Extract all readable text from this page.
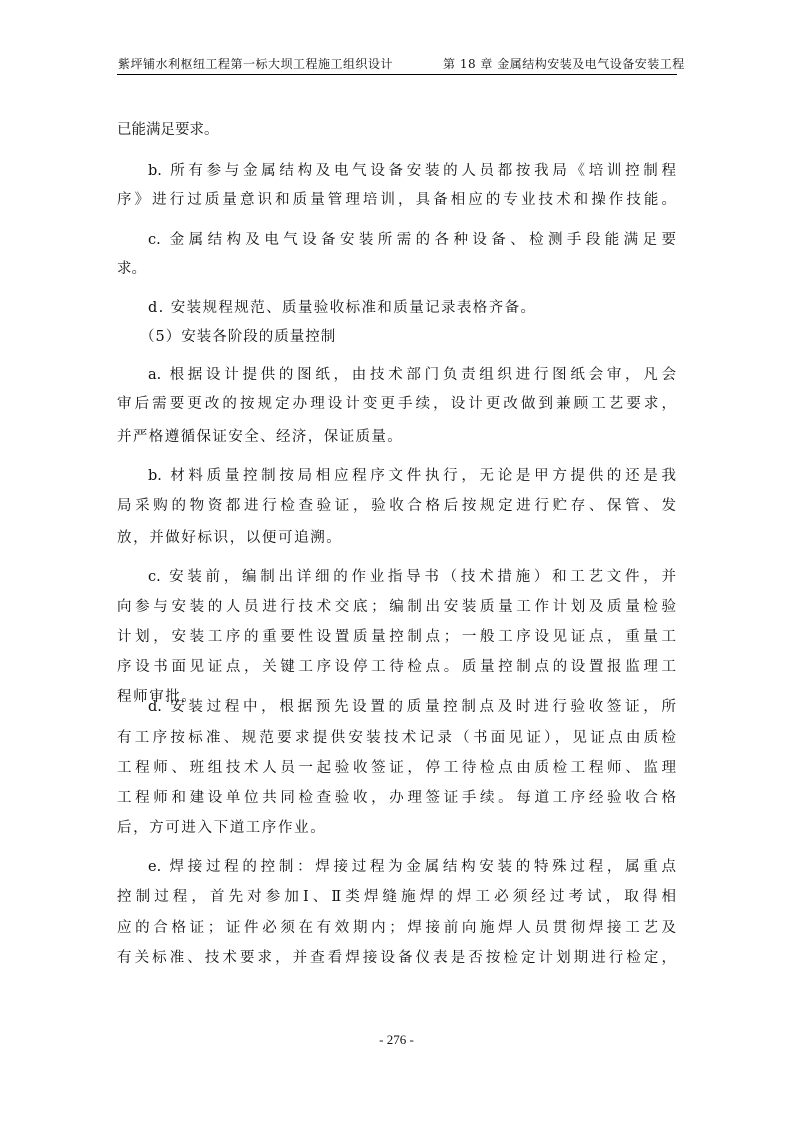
紫坪铺水利枢纽工程第一标大坝工程施工组织设计	第 18 章 金属结构安装及电气设备安装工程
已能满足要求。
b. 所有参与金属结构及电气设备安装的人员都按我局《培训控制程
序》进行过质量意识和质量管理培训，具备相应的专业技术和操作技能。
c. 金属结构及电气设备安装所需的各种设备、检测手段能满足要
求。
d. 安装规程规范、质量验收标准和质量记录表格齐备。
（5）安装各阶段的质量控制
a. 根据设计提供的图纸，由技术部门负责组织进行图纸会审，凡会
审后需要更改的按规定办理设计变更手续，设计更改做到兼顾工艺要求，
并严格遵循保证安全、经济，保证质量。
b. 材料质量控制按局相应程序文件执行，无论是甲方提供的还是我
局采购的物资都进行检查验证，验收合格后按规定进行贮存、保管、发
放，并做好标识，以便可追溯。
c. 安装前，编制出详细的作业指导书（技术措施）和工艺文件，并
向参与安装的人员进行技术交底；编制出安装质量工作计划及质量检验
计划，安装工序的重要性设置质量控制点；一般工序设见证点，重量工
序设书面见证点，关键工序设停工待检点。质量控制点的设置报监理工
程师审批。
d. 安装过程中，根据预先设置的质量控制点及时进行验收签证，所
有工序按标准、规范要求提供安装技术记录（书面见证），见证点由质检
工程师、班组技术人员一起验收签证，停工待检点由质检工程师、监理
工程师和建设单位共同检查验收，办理签证手续。每道工序经验收合格
后，方可进入下道工序作业。
e. 焊接过程的控制：焊接过程为金属结构安装的特殊过程，属重点
控制过程，首先对参加Ⅰ、Ⅱ类焊缝施焊的焊工必须经过考试，取得相
应的合格证；证件必须在有效期内；焊接前向施焊人员贯彻焊接工艺及
有关标准、技术要求，并查看焊接设备仪表是否按检定计划期进行检定，
- 276 -
